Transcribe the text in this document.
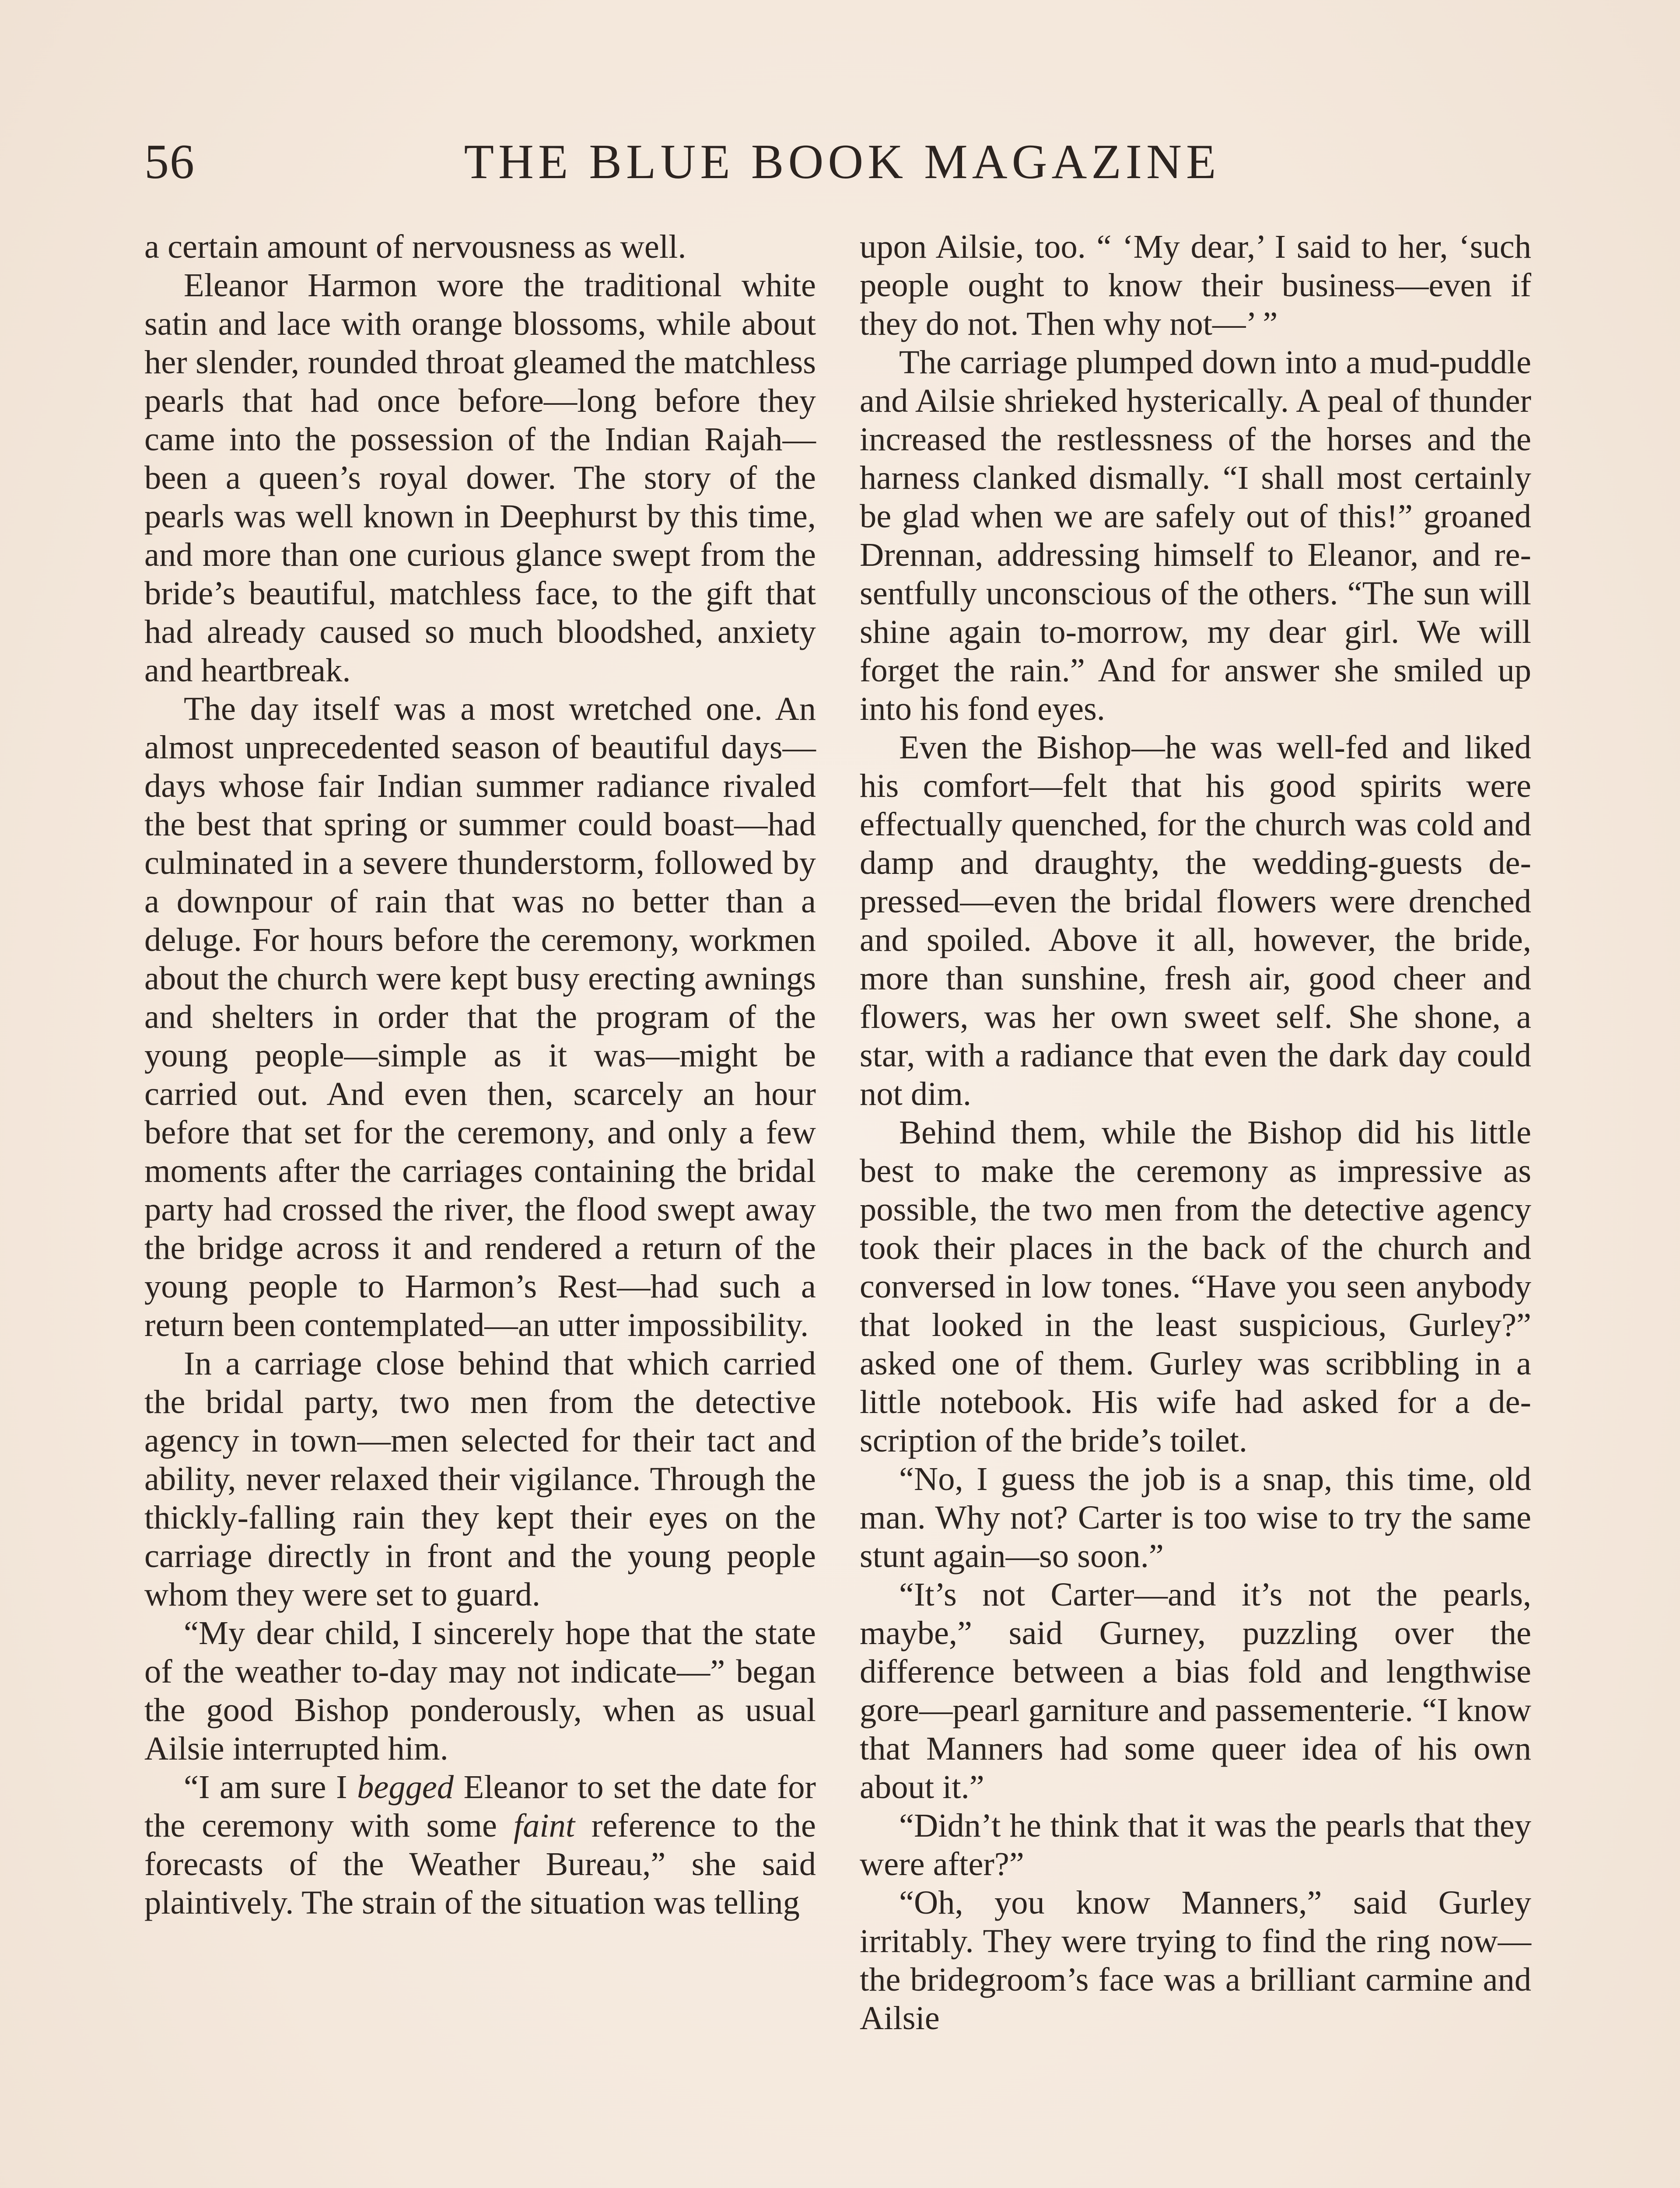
56	THE BLUE BOOK MAGAZINE

a certain amount of nervousness as well.

Eleanor Harmon wore the traditional white satin and lace with orange blossoms, while about her slender, rounded throat gleamed the matchless pearls that had once before—long before they came into the possession of the Indian Rajah—been a queen’s royal dower. The story of the pearls was well known in Deephurst by this time, and more than one curious glance swept from the bride’s beautiful, matchless face, to the gift that had already caused so much bloodshed, anxiety and heartbreak.

The day itself was a most wretched one. An almost unprecedented season of beautiful days—days whose fair Indian summer radiance rivaled the best that spring or summer could boast—had culminated in a severe thunderstorm, followed by a downpour of rain that was no better than a deluge. For hours before the ceremony, workmen about the church were kept busy erecting awnings and shelters in order that the program of the young people—simple as it was—might be carried out. And even then, scarcely an hour before that set for the ceremony, and only a few moments after the carriages containing the bridal party had crossed the river, the flood swept away the bridge across it and rendered a return of the young people to Harmon’s Rest—had such a return been contemplated—an utter impossibility.

In a carriage close behind that which carried the bridal party, two men from the detective agency in town—men selected for their tact and ability, never relaxed their vigilance. Through the thickly-falling rain they kept their eyes on the carriage directly in front and the young people whom they were set to guard.

“My dear child, I sincerely hope that the state of the weather to-day may not indicate—” began the good Bishop ponderously, when as usual Ailsie interrupted him.

“I am sure I begged Eleanor to set the date for the ceremony with some faint reference to the forecasts of the Weather Bureau,” she said plaintively. The strain of the situation was telling

upon Ailsie, too. “ ‘My dear,’ I said to her, ‘such people ought to know their business—even if they do not. Then why not—’ ”

The carriage plumped down into a mud-puddle and Ailsie shrieked hysterically. A peal of thunder increased the restlessness of the horses and the harness clanked dismally. “I shall most certainly be glad when we are safely out of this!” groaned Drennan, addressing himself to Eleanor, and resentfully unconscious of the others. “The sun will shine again to-morrow, my dear girl. We will forget the rain.” And for answer she smiled up into his fond eyes.

Even the Bishop—he was well-fed and liked his comfort—felt that his good spirits were effectually quenched, for the church was cold and damp and draughty, the wedding-guests depressed—even the bridal flowers were drenched and spoiled. Above it all, however, the bride, more than sunshine, fresh air, good cheer and flowers, was her own sweet self. She shone, a star, with a radiance that even the dark day could not dim.

Behind them, while the Bishop did his little best to make the ceremony as impressive as possible, the two men from the detective agency took their places in the back of the church and conversed in low tones. “Have you seen anybody that looked in the least suspicious, Gurley?” asked one of them. Gurley was scribbling in a little notebook. His wife had asked for a description of the bride’s toilet.

“No, I guess the job is a snap, this time, old man. Why not? Carter is too wise to try the same stunt again—so soon.”

“It’s not Carter—and it’s not the pearls, maybe,” said Gurney, puzzling over the difference between a bias fold and lengthwise gore—pearl garniture and passementerie. “I know that Manners had some queer idea of his own about it.”

“Didn’t he think that it was the pearls that they were after?”

“Oh, you know Manners,” said Gurley irritably. They were trying to find the ring now—the bridegroom’s face was a brilliant carmine and Ailsie
